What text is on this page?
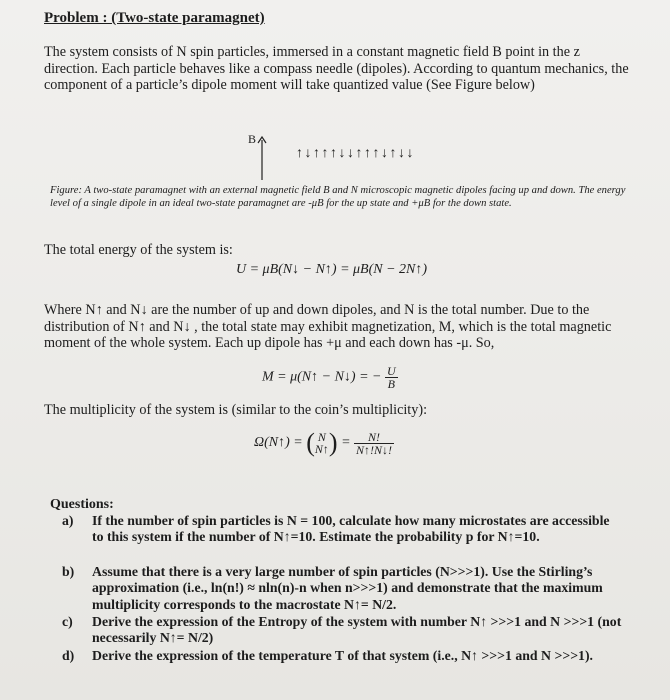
Problem : (Two-state paramagnet)
The system consists of N spin particles, immersed in a constant magnetic field B point in the z direction. Each particle behaves like a compass needle (dipoles). According to quantum mechanics, the component of a particle’s dipole moment will take quantized value (See Figure below)
B
↑↓↑↑↑↓↓↑↑↑↓↑↓↓
Figure: A two-state paramagnet with an external magnetic field B and N microscopic magnetic dipoles facing up and down. The energy level of a single dipole in an ideal two-state paramagnet are -μB for the up state and +μB for the down state.
The total energy of the system is:
U = μB(N↓ − N↑) = μB(N − 2N↑)
Where N↑ and N↓ are the number of up and down dipoles, and N is the total number. Due to the distribution of N↑ and N↓ , the total state may exhibit magnetization, M, which is the total magnetic moment of the whole system. Each up dipole has +μ and each down has -μ. So,
M = μ(N↑ − N↓) = − $\frac{U}{B}$
The multiplicity of the system is (similar to the coin’s multiplicity):
Ω(N↑) = ( N
N↑ ) = $\frac{N!}{N↑!N↓!}$
Questions:
a) If the number of spin particles is N = 100, calculate how many microstates are accessible to this system if the number of N↑=10. Estimate the probability p for N↑=10.
b) Assume that there is a very large number of spin particles (N>>>1). Use the Stirling’s approximation (i.e., ln(n!) ≈ nln(n)-n when n>>>1) and demonstrate that the maximum multiplicity corresponds to the macrostate N↑= N/2.
c) Derive the expression of the Entropy of the system with number N↑ >>>1 and N >>>1 (not necessarily N↑= N/2)
d) Derive the expression of the temperature T of that system (i.e., N↑ >>>1 and N >>>1).
